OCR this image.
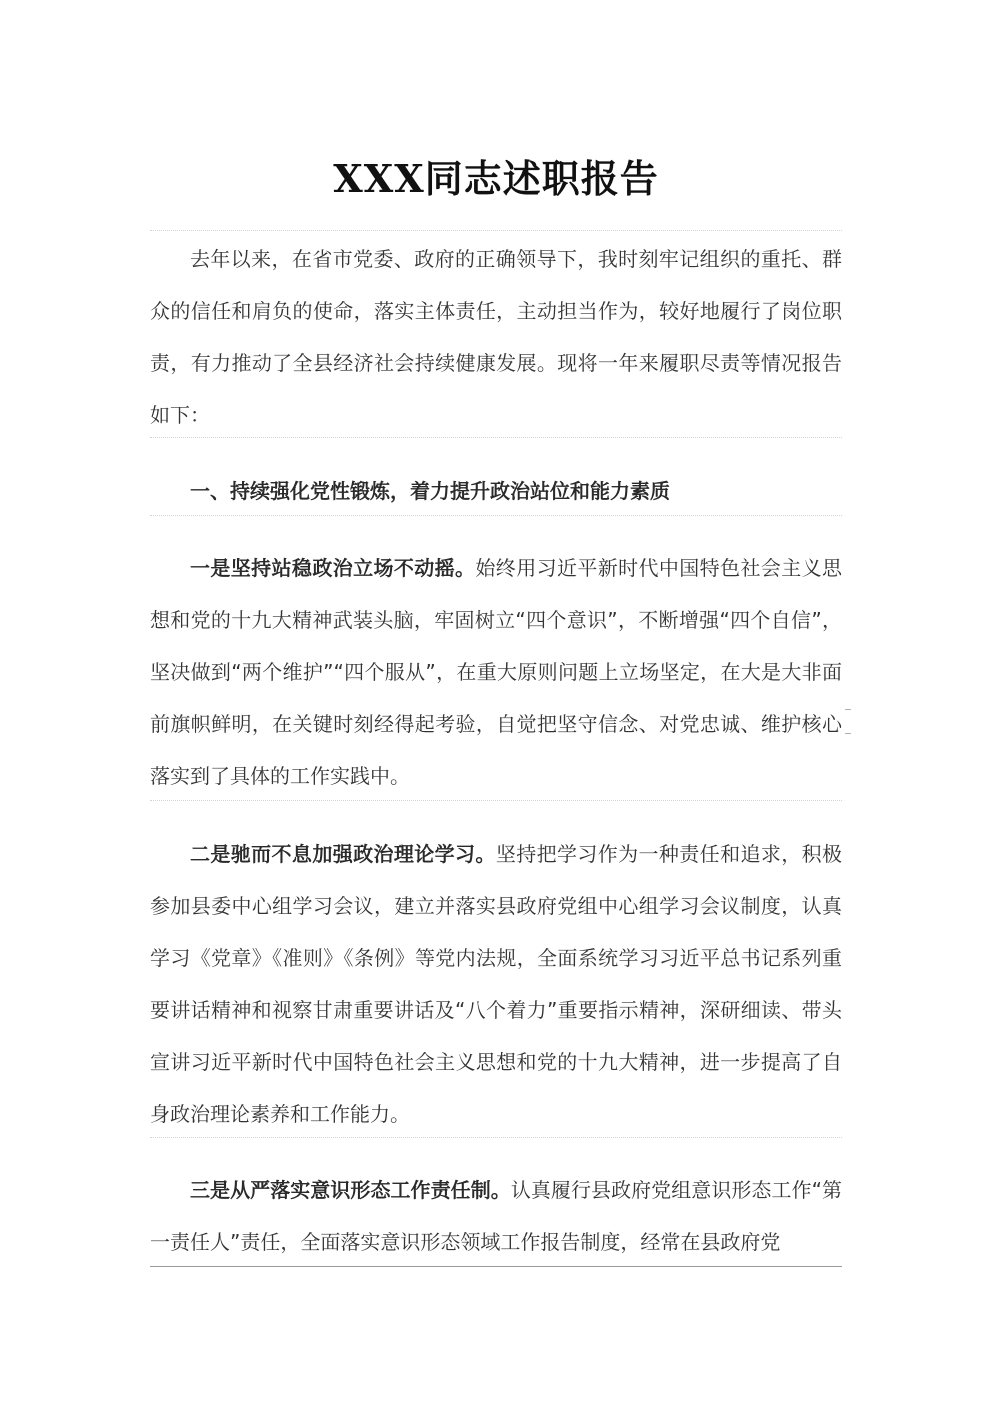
XXX同志述职报告

去年以来，在省市党委、政府的正确领导下，我时刻牢记组织的重托、群众的信任和肩负的使命，落实主体责任，主动担当作为，较好地履行了岗位职责，有力推动了全县经济社会持续健康发展。现将一年来履职尽责等情况报告如下：

一、持续强化党性锻炼，着力提升政治站位和能力素质

一是坚持站稳政治立场不动摇。始终用习近平新时代中国特色社会主义思想和党的十九大精神武装头脑，牢固树立“四个意识”，不断增强“四个自信”，坚决做到“两个维护”“四个服从”，在重大原则问题上立场坚定，在大是大非面前旗帜鲜明，在关键时刻经得起考验，自觉把坚守信念、对党忠诚、维护核心落实到了具体的工作实践中。

二是驰而不息加强政治理论学习。坚持把学习作为一种责任和追求，积极参加县委中心组学习会议，建立并落实县政府党组中心组学习会议制度，认真学习《党章》《准则》《条例》等党内法规，全面系统学习习近平总书记系列重要讲话精神和视察甘肃重要讲话及“八个着力”重要指示精神，深研细读、带头宣讲习近平新时代中国特色社会主义思想和党的十九大精神，进一步提高了自身政治理论素养和工作能力。

三是从严落实意识形态工作责任制。认真履行县政府党组意识形态工作“第一责任人”责任，全面落实意识形态领域工作报告制度，经常在县政府党
